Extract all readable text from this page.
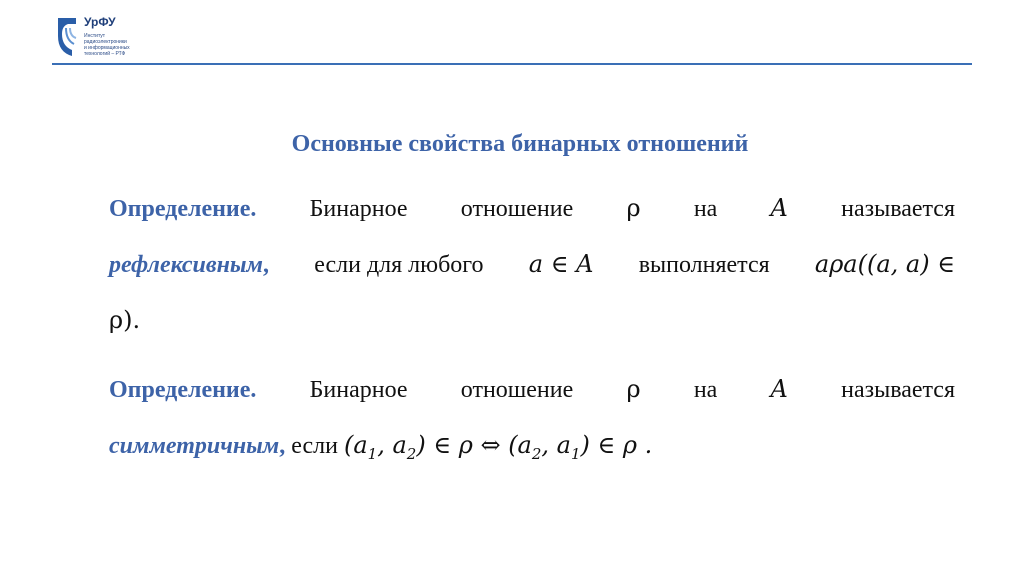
УрФУ
Институт
радиоэлектроники
и информационных
технологий – РТФ
Основные свойства бинарных отношений
Определение. Бинарное отношение ρ на A называется
рефлексивным, если для любого a ∈ A выполняется aρa((a, a) ∈
ρ).
Определение. Бинарное отношение ρ на A называется
симметричным, если ($a_1$, $a_2$) ∈ ρ ⇔ ($a_2$, $a_1$) ∈ ρ .
